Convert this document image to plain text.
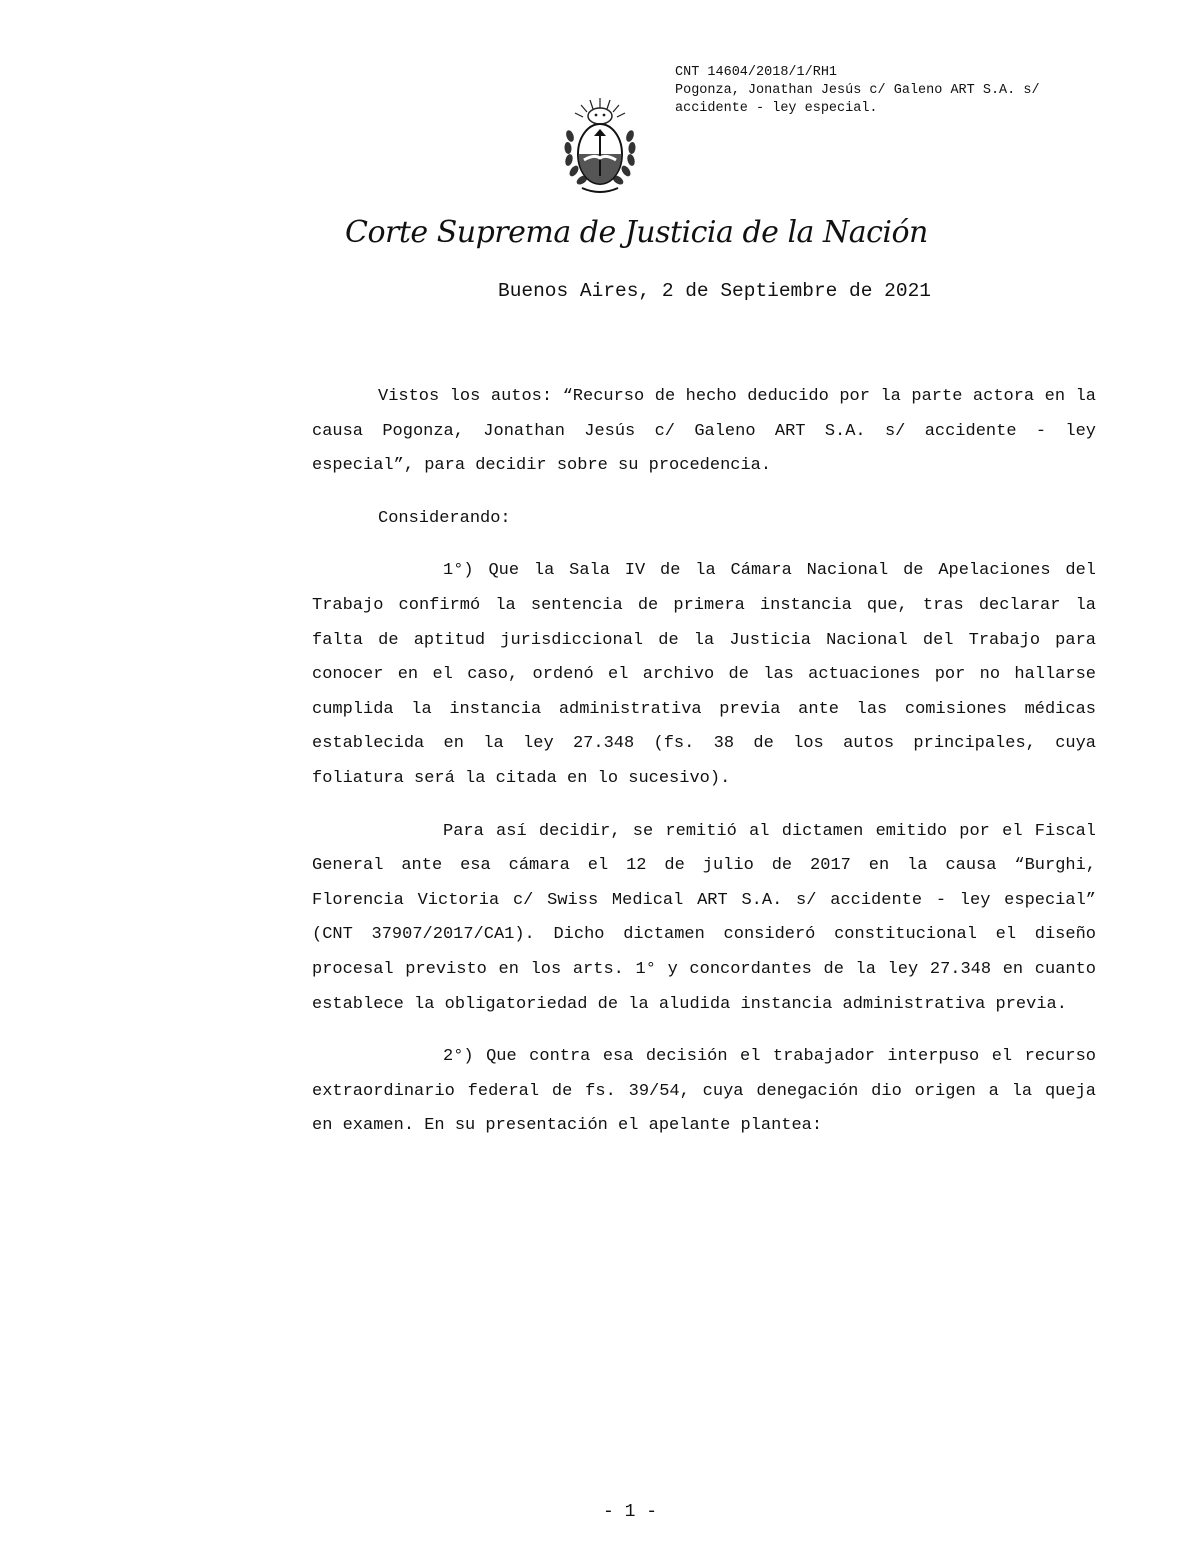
CNT 14604/2018/1/RH1
Pogonza, Jonathan Jesús c/ Galeno ART S.A. s/
accidente - ley especial.
Corte Suprema de Justicia de la Nación
Buenos Aires, 2 de Septiembre de 2021

Vistos los autos: “Recurso de hecho deducido por la parte actora en la causa Pogonza, Jonathan Jesús c/ Galeno ART S.A. s/ accidente - ley especial”, para decidir sobre su procedencia.

Considerando:

1°) Que la Sala IV de la Cámara Nacional de Apelaciones del Trabajo confirmó la sentencia de primera instancia que, tras declarar la falta de aptitud jurisdiccional de la Justicia Nacional del Trabajo para conocer en el caso, ordenó el archivo de las actuaciones por no hallarse cumplida la instancia administrativa previa ante las comisiones médicas establecida en la ley 27.348 (fs. 38 de los autos principales, cuya foliatura será la citada en lo sucesivo).

Para así decidir, se remitió al dictamen emitido por el Fiscal General ante esa cámara el 12 de julio de 2017 en la causa “Burghi, Florencia Victoria c/ Swiss Medical ART S.A. s/ accidente - ley especial” (CNT 37907/2017/CA1). Dicho dictamen consideró constitucional el diseño procesal previsto en los arts. 1° y concordantes de la ley 27.348 en cuanto establece la obligatoriedad de la aludida instancia administrativa previa.

2°) Que contra esa decisión el trabajador interpuso el recurso extraordinario federal de fs. 39/54, cuya denegación dio origen a la queja en examen. En su presentación el apelante plantea:

- 1 -
